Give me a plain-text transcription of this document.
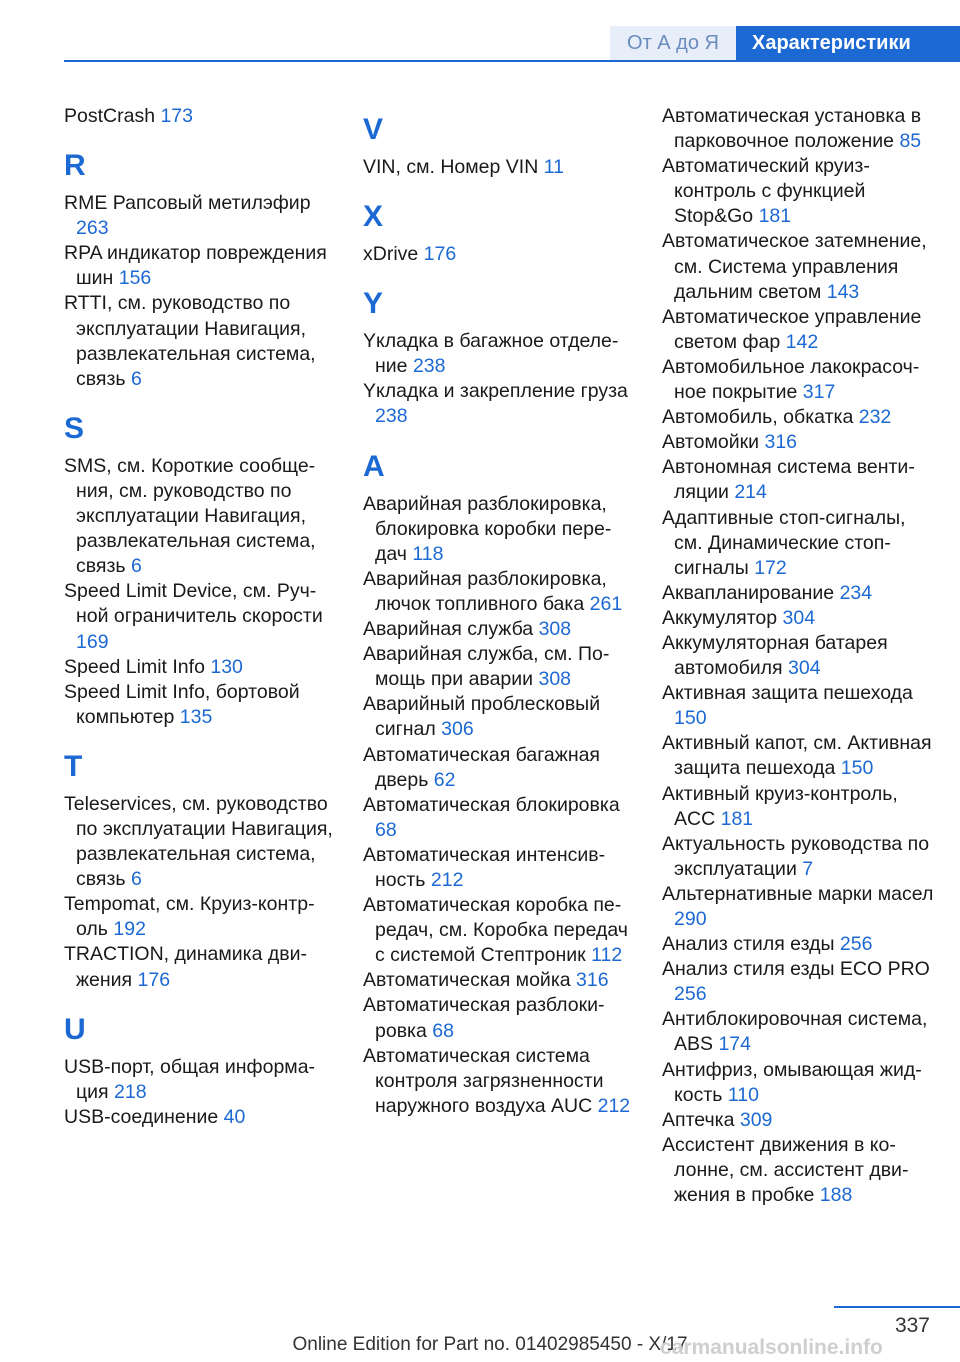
От А до Я	Характеристики
PostCrash 173
R
RME Рапсовый метилэфир 263
RPA индикатор повреждения шин 156
RTTI, см. руководство по эксплуатации Навигация, развлекательная система, связь 6
S
SMS, см. Короткие сообщения, см. руководство по эксплуатации Навигация, развлекательная система, связь 6
Speed Limit Device, см. Ручной ограничитель скорости 169
Speed Limit Info 130
Speed Limit Info, бортовой компьютер 135
T
Teleservices, см. руководство по эксплуатации Навигация, развлекательная система, связь 6
Tempomat, см. Круиз-контроль 192
TRACTION, динамика движения 176
U
USB-порт, общая информация 218
USB-соединение 40
V
VIN, см. Номер VIN 11
X
xDrive 176
Y
Yкладка в багажное отделение 238
Yкладка и закрепление груза 238
A
Аварийная разблокировка, блокировка коробки передач 118
Аварийная разблокировка, лючок топливного бака 261
Аварийная служба 308
Аварийная служба, см. Помощь при аварии 308
Аварийный проблесковый сигнал 306
Автоматическая багажная дверь 62
Автоматическая блокировка 68
Автоматическая интенсивность 212
Автоматическая коробка передач, см. Коробка передач с системой Стептроник 112
Автоматическая мойка 316
Автоматическая разблокировка 68
Автоматическая система контроля загрязненности наружного воздуха AUC 212
Автоматическая установка в парковочное положение 85
Автоматический круиз-контроль с функцией Stop&Go 181
Автоматическое затемнение, см. Система управления дальним светом 143
Автоматическое управление светом фар 142
Автомобильное лакокрасочное покрытие 317
Автомобиль, обкатка 232
Автомойки 316
Автономная система вентиляции 214
Адаптивные стоп-сигналы, см. Динамические стоп-сигналы 172
Аквапланирование 234
Аккумулятор 304
Аккумуляторная батарея автомобиля 304
Активная защита пешехода 150
Активный капот, см. Активная защита пешехода 150
Активный круиз-контроль, ACC 181
Актуальность руководства по эксплуатации 7
Альтернативные марки масел 290
Анализ стиля езды 256
Анализ стиля езды ECO PRO 256
Антиблокировочная система, ABS 174
Антифриз, омывающая жидкость 110
Аптечка 309
Ассистент движения в колонне, см. ассистент движения в пробке 188
337
Online Edition for Part no. 01402985450 - X/17
carmanualsonline.info
